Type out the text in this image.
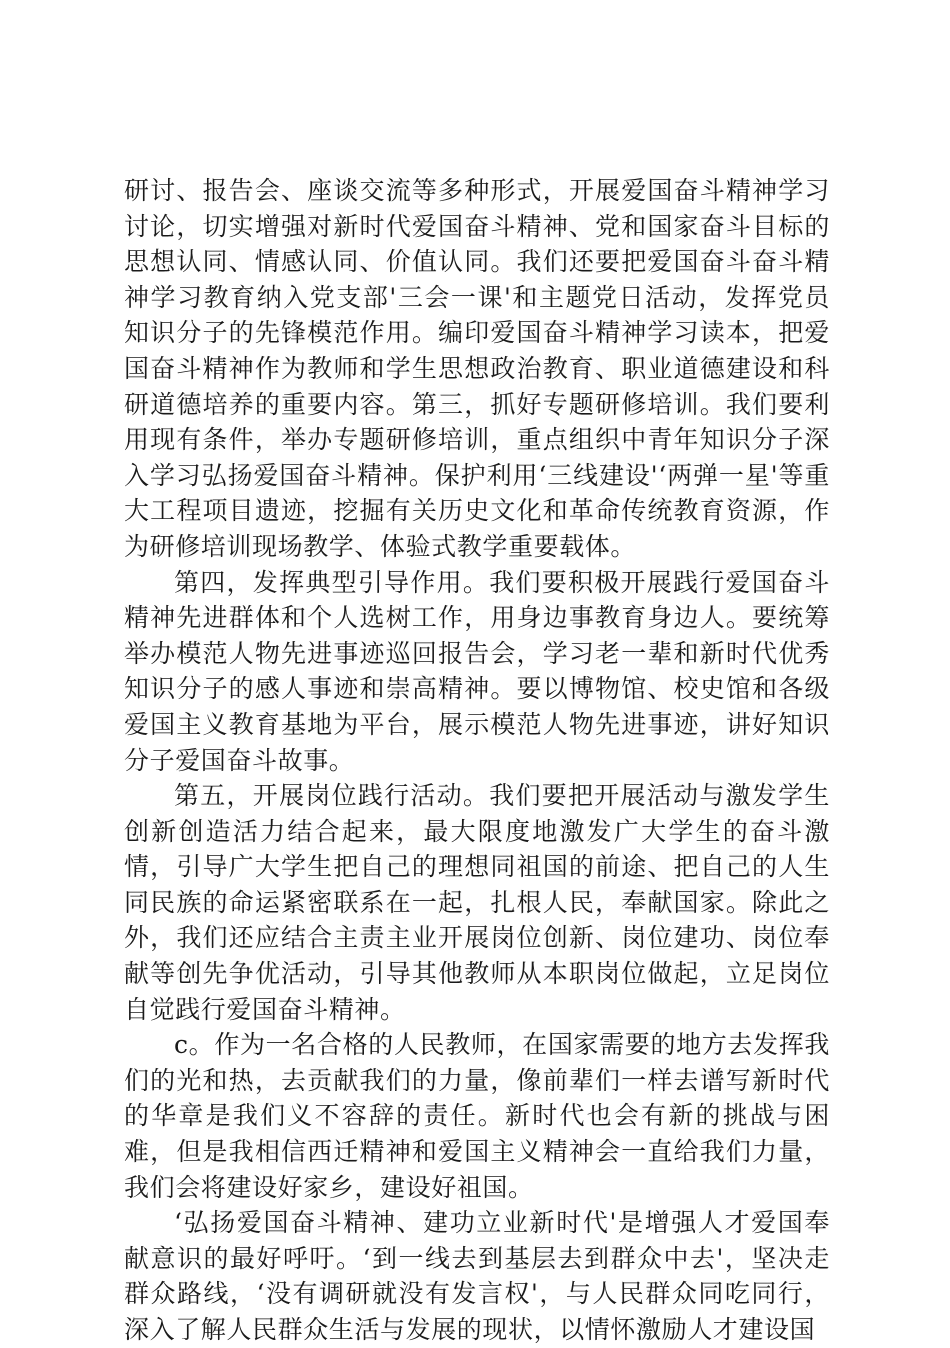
研讨、报告会、座谈交流等多种形式，开展爱国奋斗精神学习讨论，切实增强对新时代爱国奋斗精神、党和国家奋斗目标的思想认同、情感认同、价值认同。我们还要把爱国奋斗奋斗精神学习教育纳入党支部'三会一课'和主题党日活动，发挥党员知识分子的先锋模范作用。编印爱国奋斗精神学习读本，把爱国奋斗精神作为教师和学生思想政治教育、职业道德建设和科研道德培养的重要内容。第三，抓好专题研修培训。我们要利用现有条件，举办专题研修培训，重点组织中青年知识分子深入学习弘扬爱国奋斗精神。保护利用‘三线建设'‘两弹一星'等重大工程项目遗迹，挖掘有关历史文化和革命传统教育资源，作为研修培训现场教学、体验式教学重要载体。

第四，发挥典型引导作用。我们要积极开展践行爱国奋斗精神先进群体和个人选树工作，用身边事教育身边人。要统筹举办模范人物先进事迹巡回报告会，学习老一辈和新时代优秀知识分子的感人事迹和崇高精神。要以博物馆、校史馆和各级爱国主义教育基地为平台，展示模范人物先进事迹，讲好知识分子爱国奋斗故事。

第五，开展岗位践行活动。我们要把开展活动与激发学生创新创造活力结合起来，最大限度地激发广大学生的奋斗激情，引导广大学生把自己的理想同祖国的前途、把自己的人生同民族的命运紧密联系在一起，扎根人民，奉献国家。除此之外，我们还应结合主责主业开展岗位创新、岗位建功、岗位奉献等创先争优活动，引导其他教师从本职岗位做起，立足岗位自觉践行爱国奋斗精神。

c。作为一名合格的人民教师，在国家需要的地方去发挥我们的光和热，去贡献我们的力量，像前辈们一样去谱写新时代的华章是我们义不容辞的责任。新时代也会有新的挑战与困难，但是我相信西迁精神和爱国主义精神会一直给我们力量，我们会将建设好家乡，建设好祖国。

‘弘扬爱国奋斗精神、建功立业新时代'是增强人才爱国奉献意识的最好呼吁。‘到一线去到基层去到群众中去'，坚决走群众路线，‘没有调研就没有发言权'，与人民群众同吃同行，深入了解人民群众生活与发展的现状，以情怀激励人才建设国
